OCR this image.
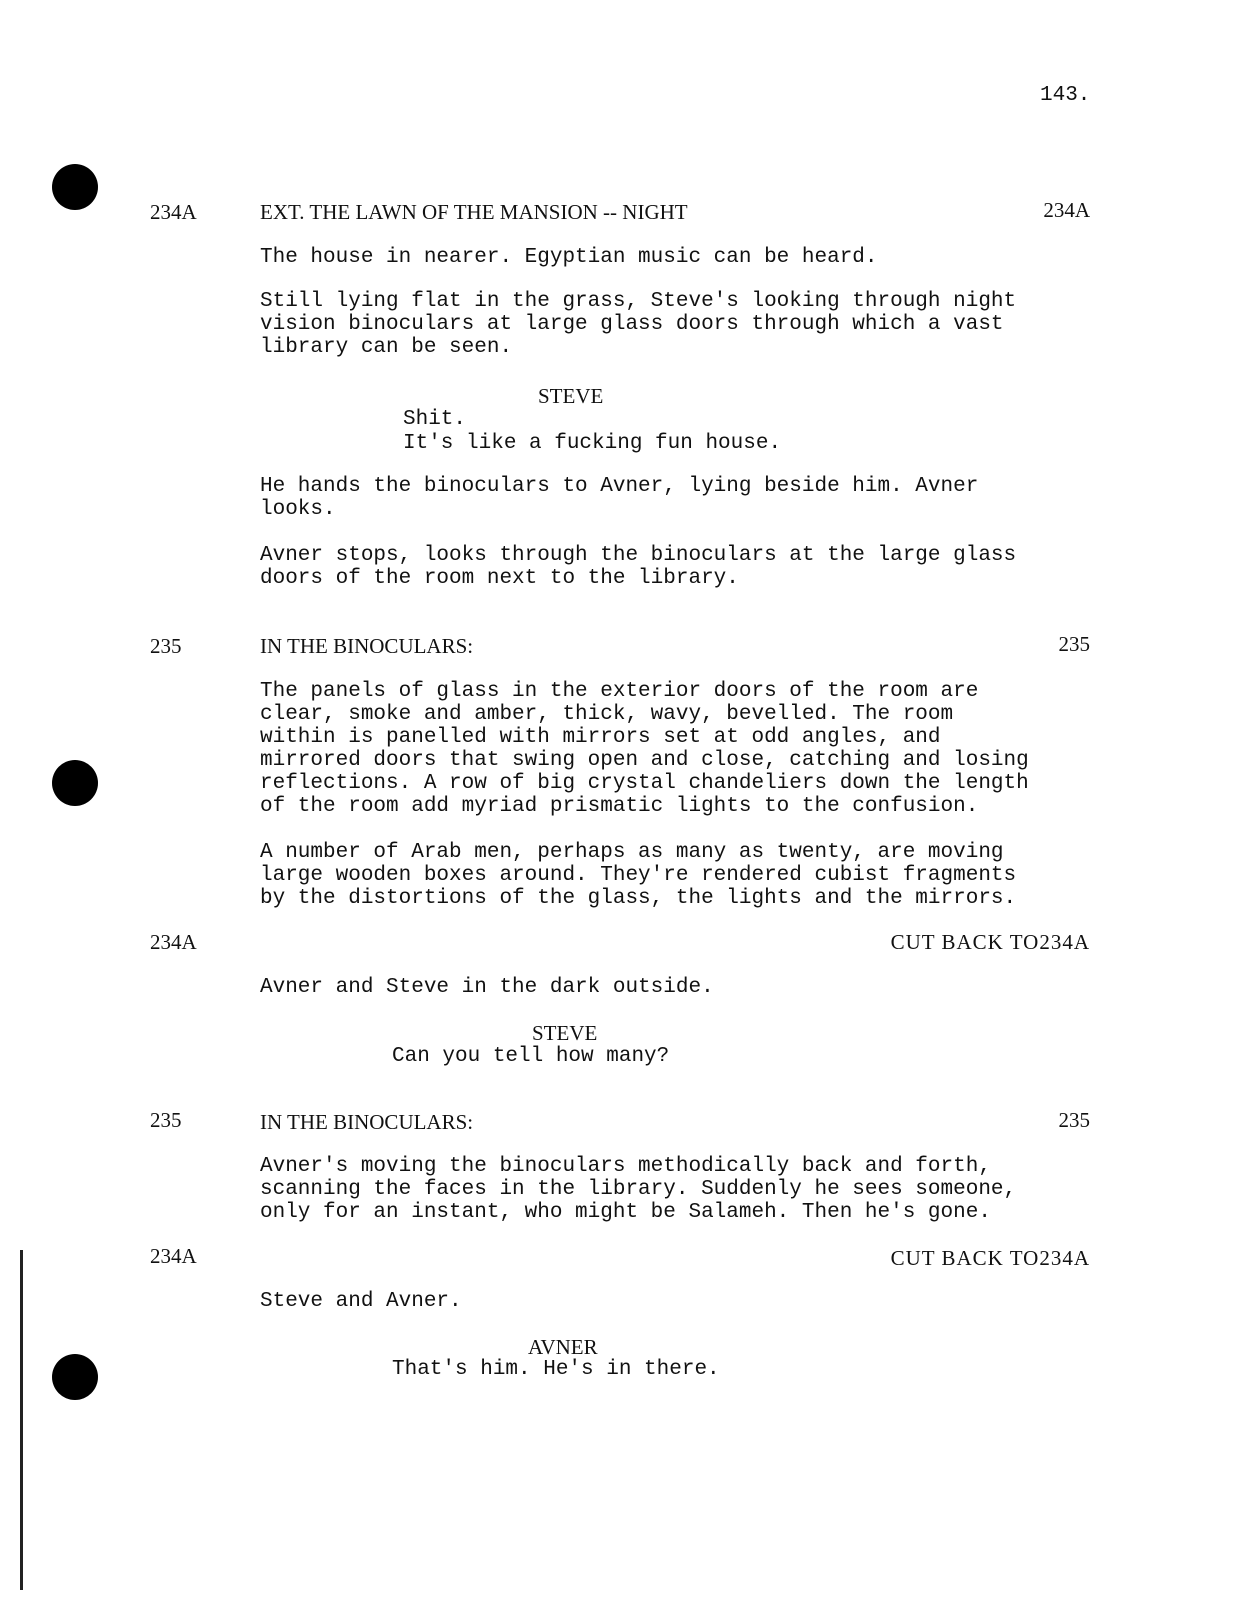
143.
234A	EXT. THE LAWN OF THE MANSION -- NIGHT	234A
The house in nearer. Egyptian music can be heard.
Still lying flat in the grass, Steve's looking through night
vision binoculars at large glass doors through which a vast
library can be seen.
STEVE
Shit.
It's like a fucking fun house.
He hands the binoculars to Avner, lying beside him. Avner
looks.
Avner stops, looks through the binoculars at the large glass
doors of the room next to the library.
235	IN THE BINOCULARS:	235
The panels of glass in the exterior doors of the room are
clear, smoke and amber, thick, wavy, bevelled. The room
within is panelled with mirrors set at odd angles, and
mirrored doors that swing open and close, catching and losing
reflections. A row of big crystal chandeliers down the length
of the room add myriad prismatic lights to the confusion.
A number of Arab men, perhaps as many as twenty, are moving
large wooden boxes around. They're rendered cubist fragments
by the distortions of the glass, the lights and the mirrors.
234A	CUT BACK TO234A
Avner and Steve in the dark outside.
STEVE
Can you tell how many?
235	IN THE BINOCULARS:	235
Avner's moving the binoculars methodically back and forth,
scanning the faces in the library. Suddenly he sees someone,
only for an instant, who might be Salameh. Then he's gone.
234A	CUT BACK TO234A
Steve and Avner.
AVNER
That's him. He's in there.
